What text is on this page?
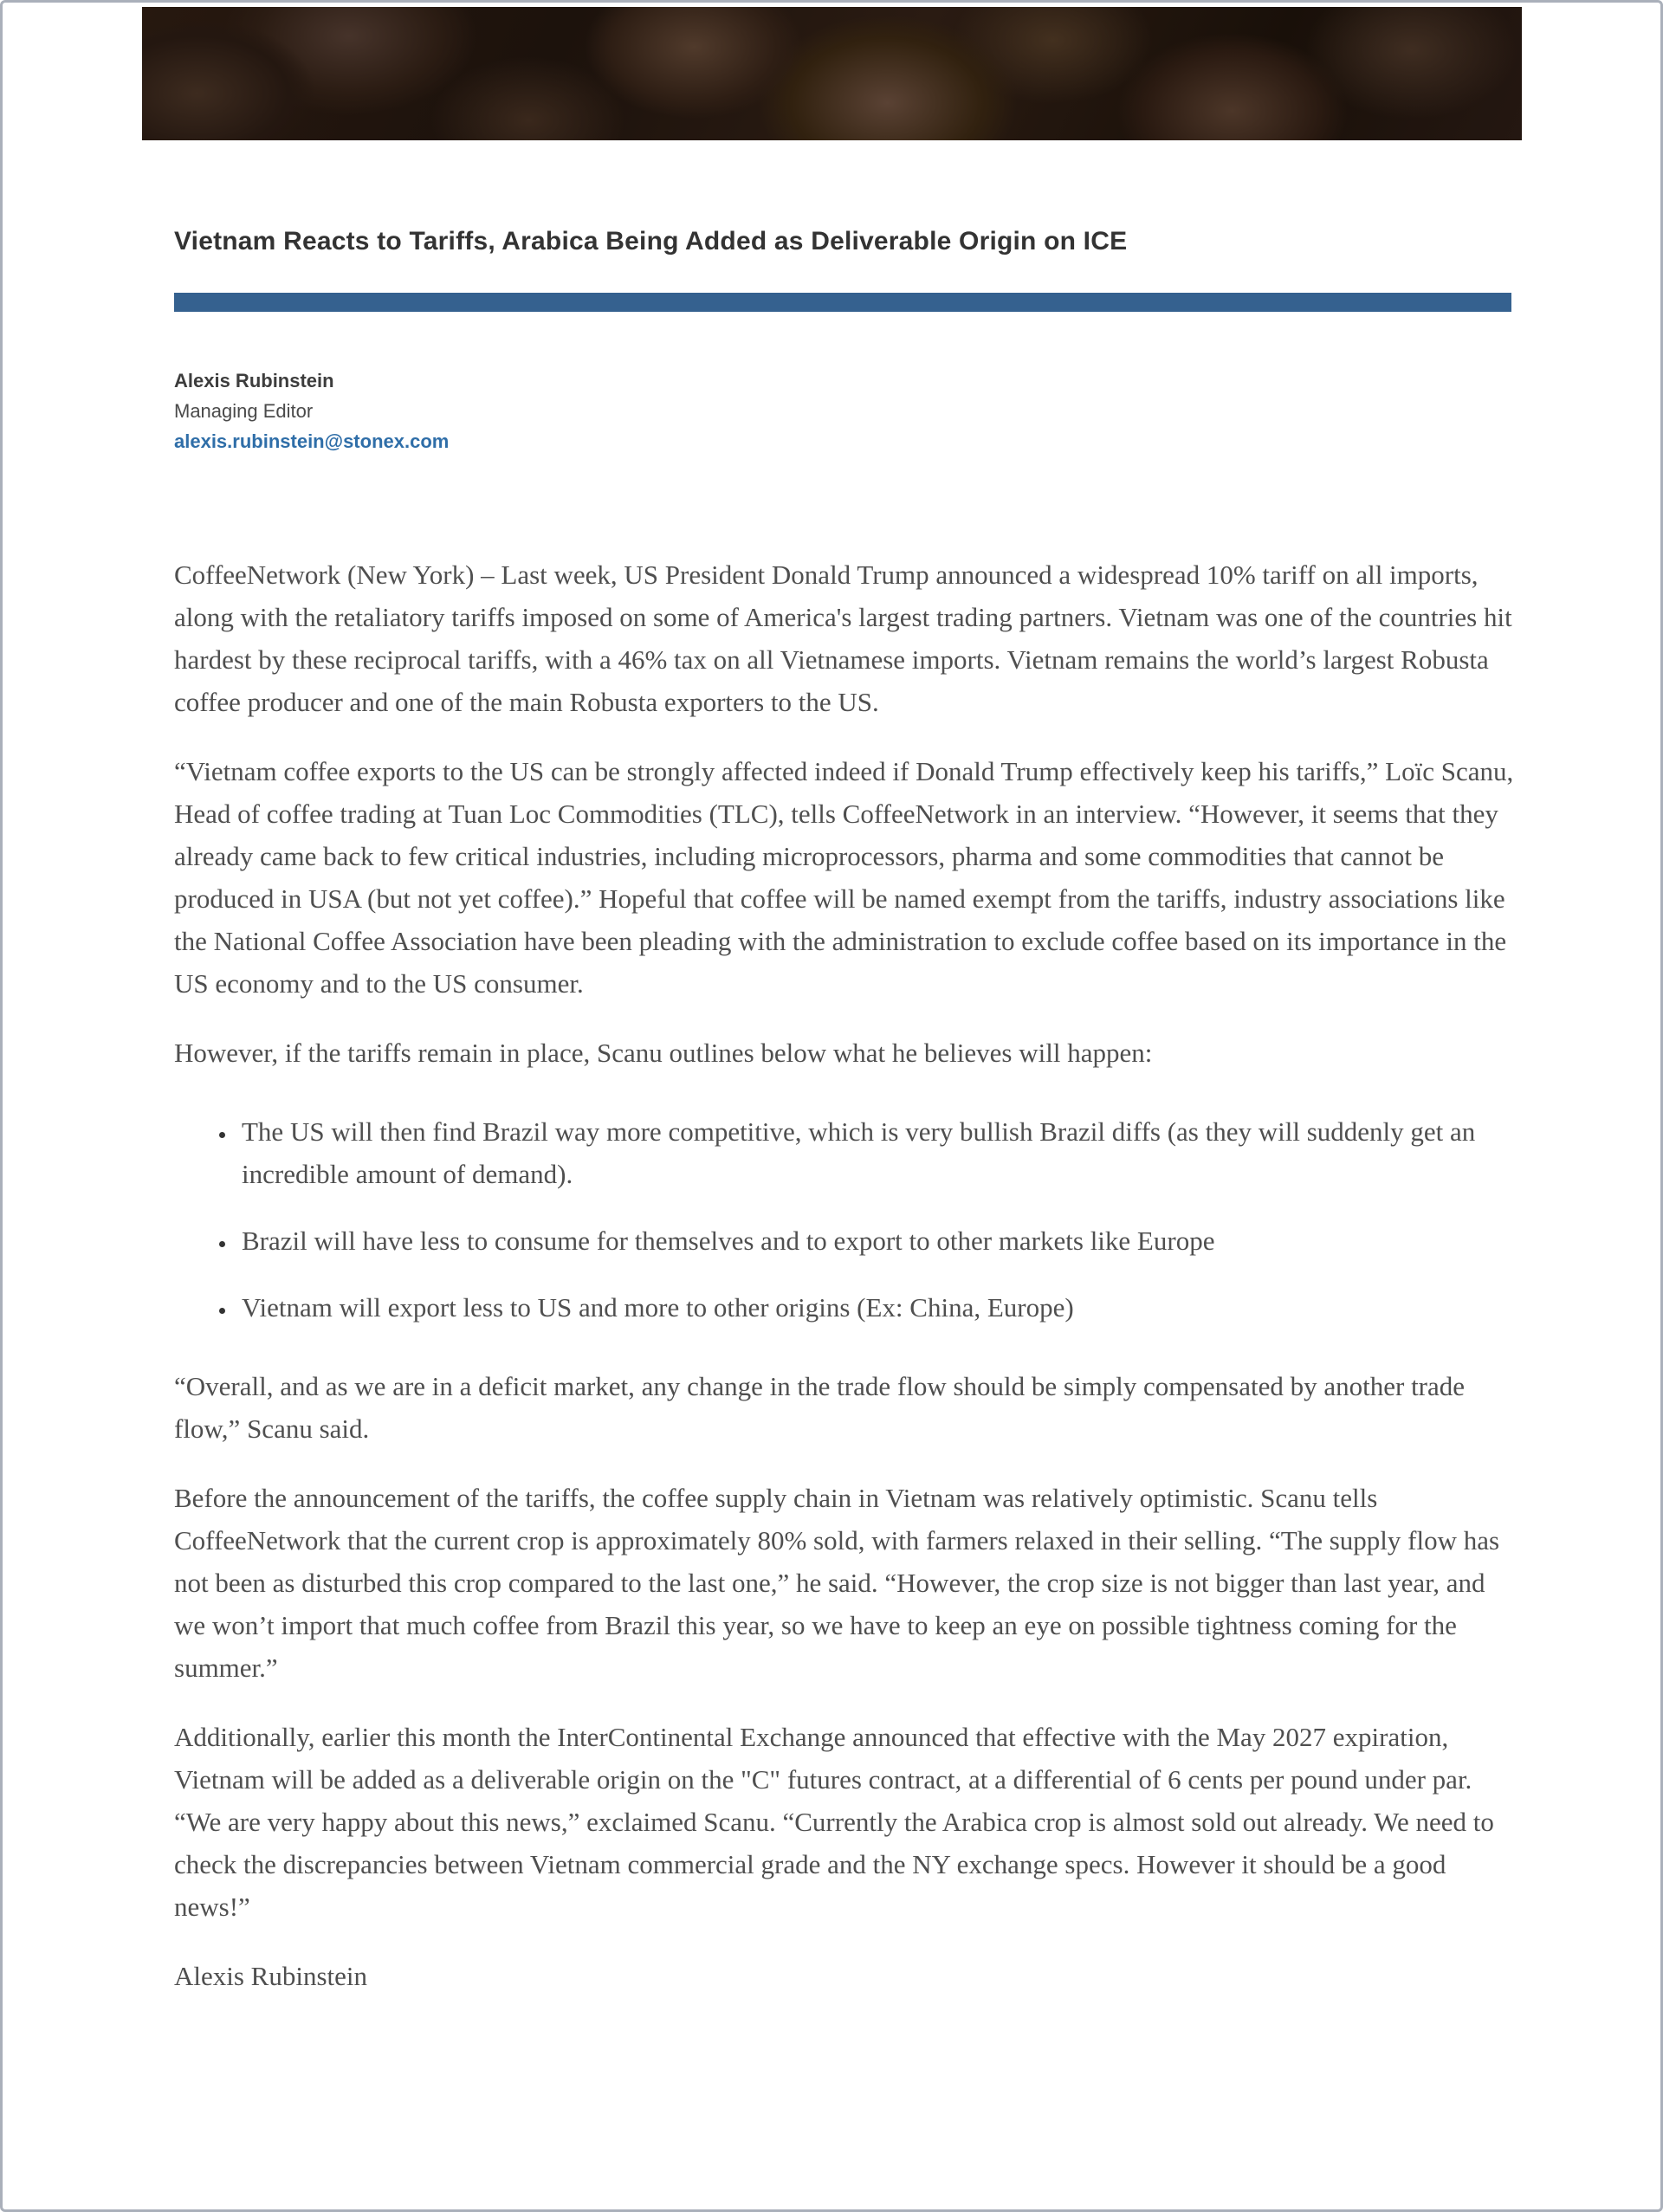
Vietnam Reacts to Tariffs, Arabica Being Added as Deliverable Origin on ICE
Alexis Rubinstein
Managing Editor
alexis.rubinstein@stonex.com

CoffeeNetwork (New York) – Last week, US President Donald Trump announced a widespread 10% tariff on all imports, along with the retaliatory tariffs imposed on some of America's largest trading partners. Vietnam was one of the countries hit hardest by these reciprocal tariffs, with a 46% tax on all Vietnamese imports. Vietnam remains the world’s largest Robusta coffee producer and one of the main Robusta exporters to the US.

“Vietnam coffee exports to the US can be strongly affected indeed if Donald Trump effectively keep his tariffs,” Loïc Scanu, Head of coffee trading at Tuan Loc Commodities (TLC), tells CoffeeNetwork in an interview. “However, it seems that they already came back to few critical industries, including microprocessors, pharma and some commodities that cannot be produced in USA (but not yet coffee).” Hopeful that coffee will be named exempt from the tariffs, industry associations like the National Coffee Association have been pleading with the administration to exclude coffee based on its importance in the US economy and to the US consumer.

However, if the tariffs remain in place, Scanu outlines below what he believes will happen:

• The US will then find Brazil way more competitive, which is very bullish Brazil diffs (as they will suddenly get an incredible amount of demand).
• Brazil will have less to consume for themselves and to export to other markets like Europe
• Vietnam will export less to US and more to other origins (Ex: China, Europe)

“Overall, and as we are in a deficit market, any change in the trade flow should be simply compensated by another trade flow,” Scanu said.

Before the announcement of the tariffs, the coffee supply chain in Vietnam was relatively optimistic. Scanu tells CoffeeNetwork that the current crop is approximately 80% sold, with farmers relaxed in their selling. “The supply flow has not been as disturbed this crop compared to the last one,” he said. “However, the crop size is not bigger than last year, and we won’t import that much coffee from Brazil this year, so we have to keep an eye on possible tightness coming for the summer.”

Additionally, earlier this month the InterContinental Exchange announced that effective with the May 2027 expiration, Vietnam will be added as a deliverable origin on the "C" futures contract, at a differential of 6 cents per pound under par. “We are very happy about this news,” exclaimed Scanu. “Currently the Arabica crop is almost sold out already. We need to check the discrepancies between Vietnam commercial grade and the NY exchange specs. However it should be a good news!”

Alexis Rubinstein
